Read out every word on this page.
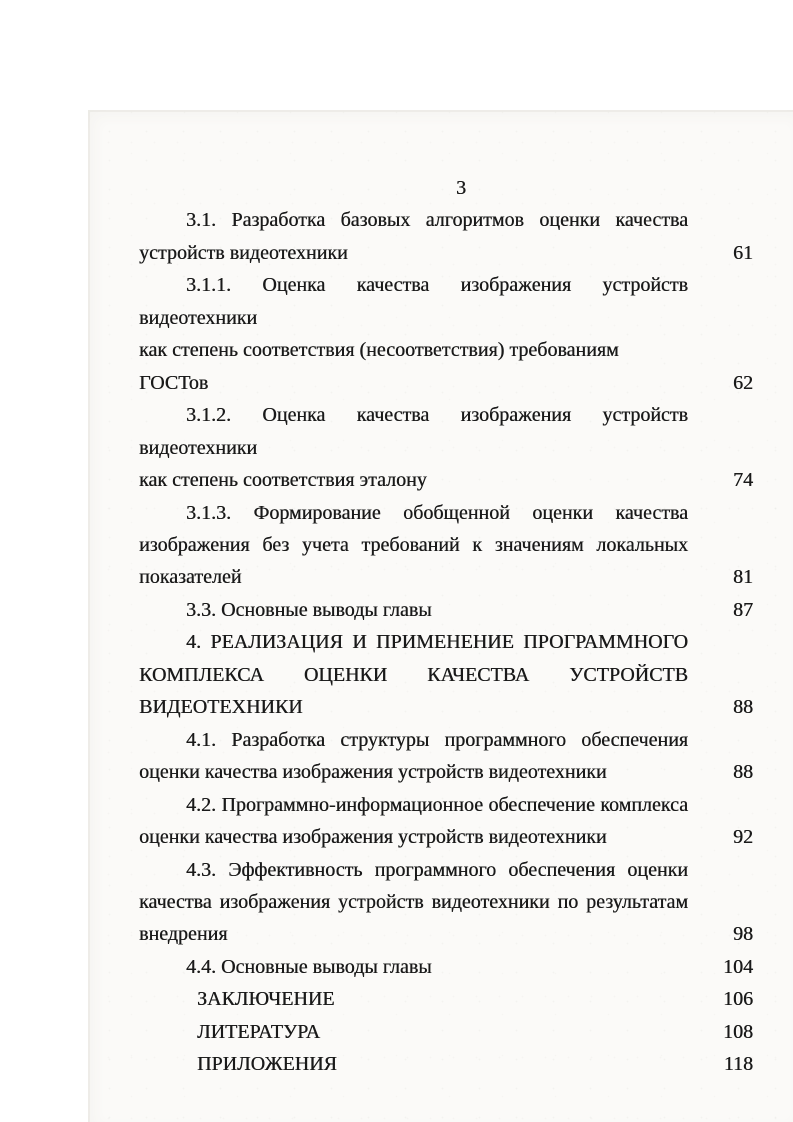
3
3.1. Разработка базовых алгоритмов оценки качества
устройств видеотехники	61
3.1.1. Оценка качества изображения устройств видеотехники
как степень соответствия (несоответствия) требованиям ГОСТов	62
3.1.2. Оценка качества изображения устройств видеотехники
как степень соответствия эталону	74
3.1.3. Формирование обобщенной оценки качества
изображения без учета требований к значениям локальных
показателей	81
3.3. Основные выводы главы	87
4. РЕАЛИЗАЦИЯ И ПРИМЕНЕНИЕ ПРОГРАММНОГО
КОМПЛЕКСА ОЦЕНКИ КАЧЕСТВА УСТРОЙСТВ
ВИДЕОТЕХНИКИ	88
4.1. Разработка структуры программного обеспечения
оценки качества изображения устройств видеотехники	88
4.2. Программно-информационное обеспечение комплекса
оценки качества изображения устройств видеотехники	92
4.3. Эффективность программного обеспечения оценки
качества изображения устройств видеотехники по результатам
внедрения	98
4.4. Основные выводы главы	104
ЗАКЛЮЧЕНИЕ	106
ЛИТЕРАТУРА	108
ПРИЛОЖЕНИЯ	118
